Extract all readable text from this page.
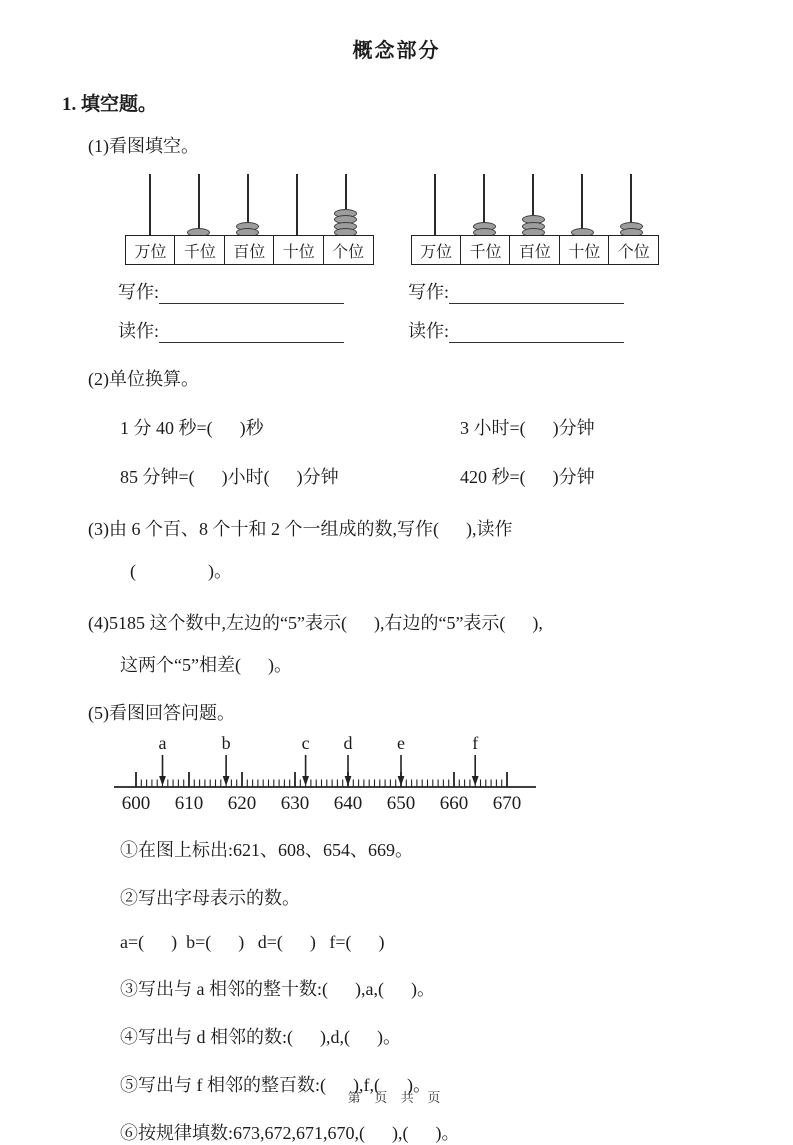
概念部分
1. 填空题。
(1)看图填空。
万位	千位	百位	十位	个位	万位	千位	百位	十位	个位
写作:	写作:
读作:	读作:
(2)单位换算。
1 分 40 秒=(      )秒	3 小时=(      )分钟
85 分钟=(      )小时(      )分钟	420 秒=(      )分钟
(3)由 6 个百、8 个十和 2 个一组成的数,写作(      ),读作
(                )。
(4)5185 这个数中,左边的“5”表示(      ),右边的“5”表示(      ),
这两个“5”相差(      )。
(5)看图回答问题。
600 610 620 630 640 650 660 670
a	b	c d e	f
①在图上标出:621、608、654、669。
②写出字母表示的数。
a=(      )  b=(      )   d=(      )   f=(      )
③写出与 a 相邻的整十数:(      ),a,(      )。
④写出与 d 相邻的数:(      ),d,(      )。
⑤写出与 f 相邻的整百数:(      ),f,(      )。
⑥按规律填数:673,672,671,670,(      ),(      )。
第 页 共 页
